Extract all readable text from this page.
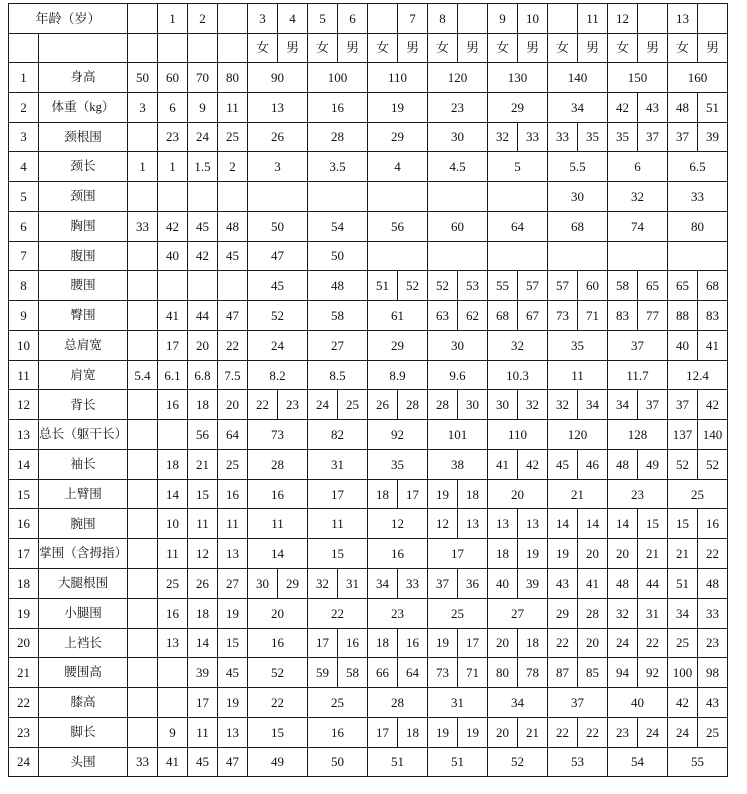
年龄（岁）			1	2		3	4	5	6		7	8		9	10		11	12		13	
						女	男	女	男	女	男	女	男	女	男	女	男	女	男	女	男
1	身高	50	60	70	80	90		100		110		120		130		140		150		160	
2	体重（kg）	3	6	9	11	13		16		19		23		29		34		42	43	48	51
3	颈根围		23	24	25	26		28		29		30		32	33	33	35	35	37	37	39
4	颈长	1	1	1.5	2	3		3.5		4		4.5		5		5.5		6		6.5	
5	颈围															30		32		33	
6	胸围	33	42	45	48	50		54		56		60		64		68		74		80	
7	腹围		40	42	45	47		50													
8	腰围					45		48		51	52	52	53	55	57	57	60	58	65	65	68
9	臀围		41	44	47	52		58		61		63	62	68	67	73	71	83	77	88	83
10	总肩宽		17	20	22	24		27		29		30		32		35		37		40	41
11	肩宽	5.4	6.1	6.8	7.5	8.2		8.5		8.9		9.6		10.3		11		11.7		12.4	
12	背长		16	18	20	22	23	24	25	26	28	28	30	30	32	32	34	34	37	37	42
13	总长（躯干长）			56	64	73		82		92		101		110		120		128		137	140
14	袖长		18	21	25	28		31		35		38		41	42	45	46	48	49	52	52
15	上臂围		14	15	16	16		17		18	17	19	18	20		21		23		25	
16	腕围		10	11	11	11		11		12		12	13	13	13	14	14	14	15	15	16
17	掌围（含拇指）		11	12	13	14		15		16		17		18	19	19	20	20	21	21	22
18	大腿根围		25	26	27	30	29	32	31	34	33	37	36	40	39	43	41	48	44	51	48
19	小腿围		16	18	19	20		22		23		25		27		29	28	32	31	34	33
20	上裆长		13	14	15	16		17	16	18	16	19	17	20	18	22	20	24	22	25	23
21	腰围高			39	45	52		59	58	66	64	73	71	80	78	87	85	94	92	100	98
22	膝高			17	19	22		25		28		31		34		37		40		42	43
23	脚长		9	11	13	15		16		17	18	19	19	20	21	22	22	23	24	24	25
24	头围	33	41	45	47	49		50		51		51		52		53		54		55	
